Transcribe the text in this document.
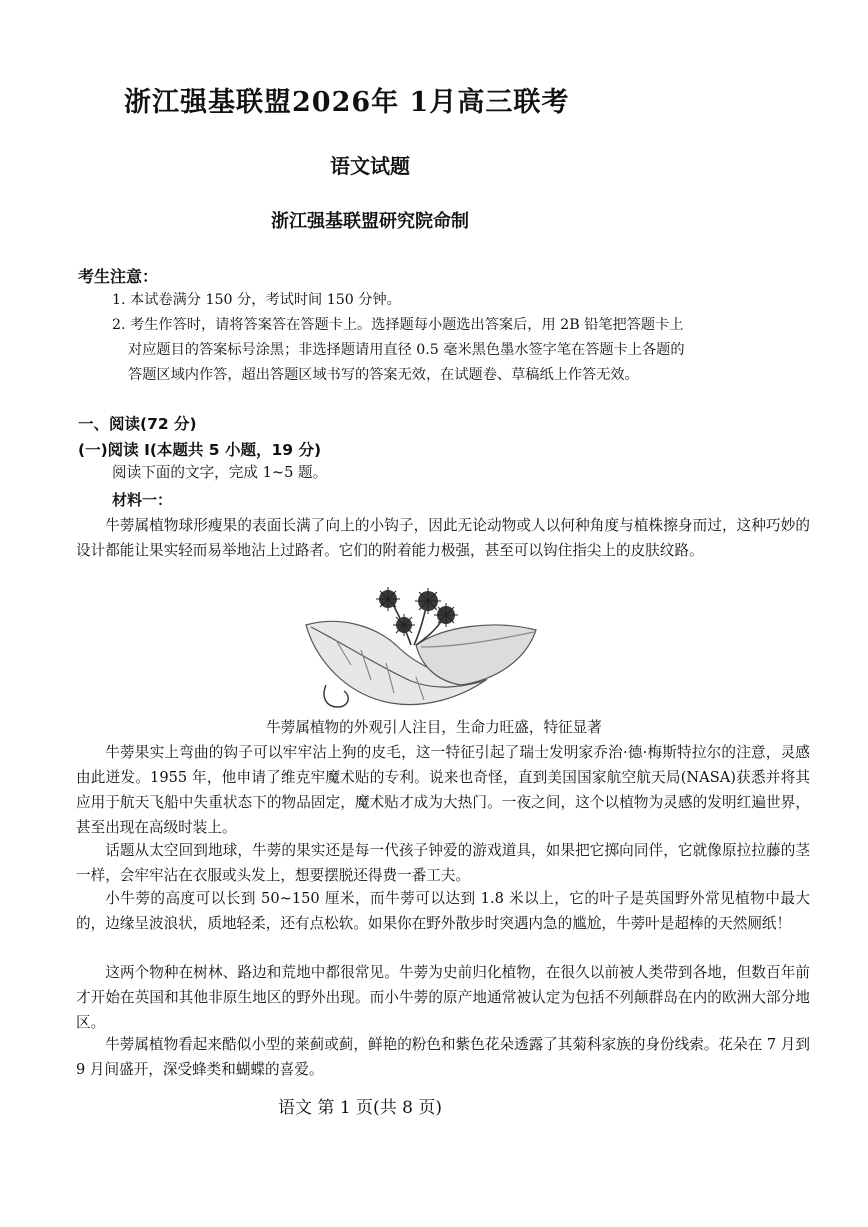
浙江强基联盟2026年 1月高三联考
语文试题
浙江强基联盟研究院命制
考生注意：
1. 本试卷满分 150 分，考试时间 150 分钟。
2. 考生作答时，请将答案答在答题卡上。选择题每小题选出答案后，用 2B 铅笔把答题卡上
对应题目的答案标号涂黑；非选择题请用直径 0.5 毫米黑色墨水签字笔在答题卡上各题的
答题区域内作答，超出答题区域书写的答案无效，在试题卷、草稿纸上作答无效。
一、阅读(72 分)
(一)阅读 I(本题共 5 小题，19 分)
阅读下面的文字，完成 1~5 题。
材料一：

牛蒡属植物球形瘦果的表面长满了向上的小钩子，因此无论动物或人以何种角度与植株擦身而过，这种巧妙的设计都能让果实轻而易举地沾上过路者。它们的附着能力极强，甚至可以钩住指尖上的皮肤纹路。

牛蒡属植物的外观引人注目，生命力旺盛，特征显著

牛蒡果实上弯曲的钩子可以牢牢沾上狗的皮毛，这一特征引起了瑞士发明家乔治·德·梅斯特拉尔的注意，灵感由此迸发。1955 年，他申请了维克牢魔术贴的专利。说来也奇怪，直到美国国家航空航天局(NASA)获悉并将其应用于航天飞船中失重状态下的物品固定，魔术贴才成为大热门。一夜之间，这个以植物为灵感的发明红遍世界，甚至出现在高级时装上。

话题从太空回到地球，牛蒡的果实还是每一代孩子钟爱的游戏道具，如果把它掷向同伴，它就像原拉拉藤的茎一样，会牢牢沾在衣服或头发上，想要摆脱还得费一番工夫。

小牛蒡的高度可以长到 50~150 厘米，而牛蒡可以达到 1.8 米以上，它的叶子是英国野外常见植物中最大的，边缘呈波浪状，质地轻柔，还有点松软。如果你在野外散步时突遇内急的尴尬，牛蒡叶是超棒的天然厕纸！

这两个物种在树林、路边和荒地中都很常见。牛蒡为史前归化植物，在很久以前被人类带到各地，但数百年前才开始在英国和其他非原生地区的野外出现。而小牛蒡的原产地通常被认定为包括不列颠群岛在内的欧洲大部分地区。

牛蒡属植物看起来酷似小型的莱蓟或蓟，鲜艳的粉色和紫色花朵透露了其菊科家族的身份线索。花朵在 7 月到 9 月间盛开，深受蜂类和蝴蝶的喜爱。

语文 第 1 页(共 8 页)
